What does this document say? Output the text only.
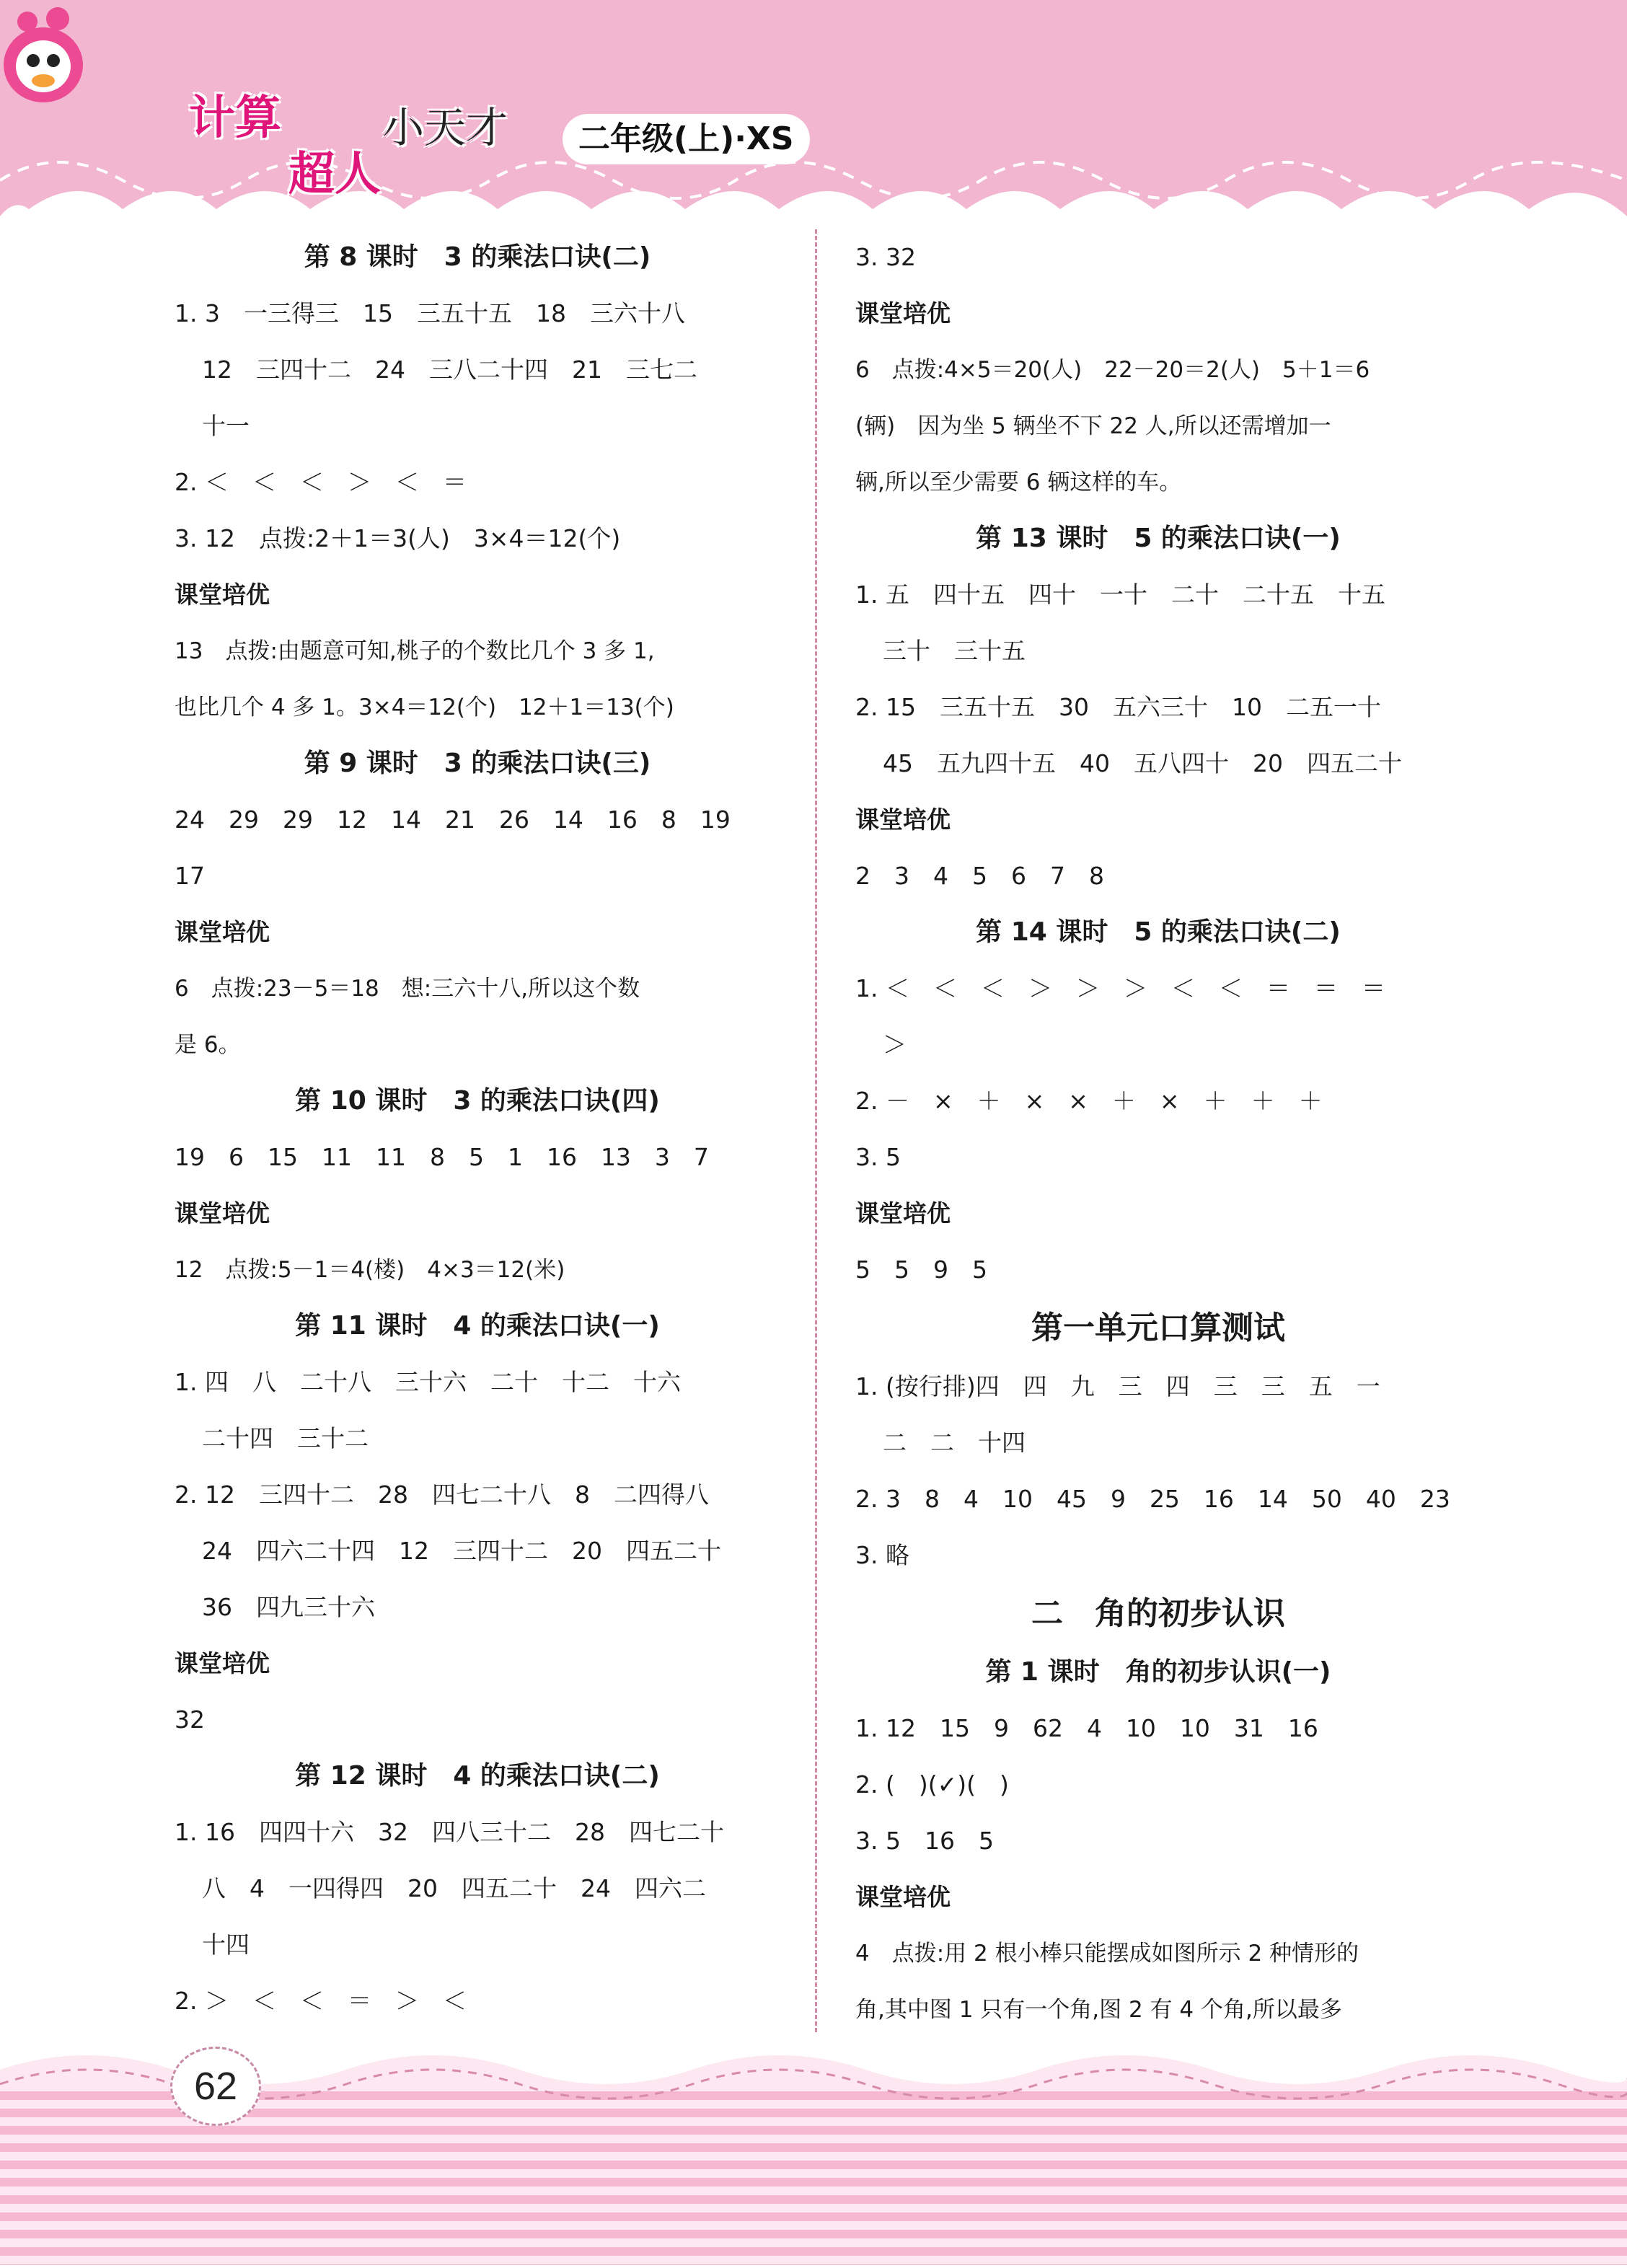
计算
超人
小天才	二年级(上)·XS
第 8 课时　3 的乘法口诀(二)
1. 3　一三得三　15　三五十五　18　三六十八
12　三四十二　24　三八二十四　21　三七二
十一
2. ＜　＜　＜　＞　＜　＝
3. 12　点拨:2＋1＝3(人)　3×4＝12(个)
课堂培优
13　点拨:由题意可知,桃子的个数比几个 3 多 1,
也比几个 4 多 1。3×4＝12(个)　12＋1＝13(个)
第 9 课时　3 的乘法口诀(三)
24　29　29　12　14　21　26　14　16　8　19
17
课堂培优
6　点拨:23－5＝18　想:三六十八,所以这个数
是 6。
第 10 课时　3 的乘法口诀(四)
19　6　15　11　11　8　5　1　16　13　3　7
课堂培优
12　点拨:5－1＝4(楼)　4×3＝12(米)
第 11 课时　4 的乘法口诀(一)
1. 四　八　二十八　三十六　二十　十二　十六
二十四　三十二
2. 12　三四十二　28　四七二十八　8　二四得八
24　四六二十四　12　三四十二　20　四五二十
36　四九三十六
课堂培优
32
第 12 课时　4 的乘法口诀(二)
1. 16　四四十六　32　四八三十二　28　四七二十
八　4　一四得四　20　四五二十　24　四六二
十四
2. ＞　＜　＜　＝　＞　＜
3. 32
课堂培优
6　点拨:4×5＝20(人)　22－20＝2(人)　5＋1＝6
(辆)　因为坐 5 辆坐不下 22 人,所以还需增加一
辆,所以至少需要 6 辆这样的车。
第 13 课时　5 的乘法口诀(一)
1. 五　四十五　四十　一十　二十　二十五　十五
三十　三十五
2. 15　三五十五　30　五六三十　10　二五一十
45　五九四十五　40　五八四十　20　四五二十
课堂培优
2　3　4　5　6　7　8
第 14 课时　5 的乘法口诀(二)
1. ＜　＜　＜　＞　＞　＞　＜　＜　＝　＝　＝
＞
2. －　×　＋　×　×　＋　×　＋　＋　＋
3. 5
课堂培优
5　5　9　5
第一单元口算测试
1. (按行排)四　四　九　三　四　三　三　五　一
二　二　十四
2. 3　8　4　10　45　9　25　16　14　50　40　23
3. 略
二　角的初步认识
第 1 课时　角的初步认识(一)
1. 12　15　9　62　4　10　10　31　16
2. (　)(✓)(　)
3. 5　16　5
课堂培优
4　点拨:用 2 根小棒只能摆成如图所示 2 种情形的
角,其中图 1 只有一个角,图 2 有 4 个角,所以最多
62
